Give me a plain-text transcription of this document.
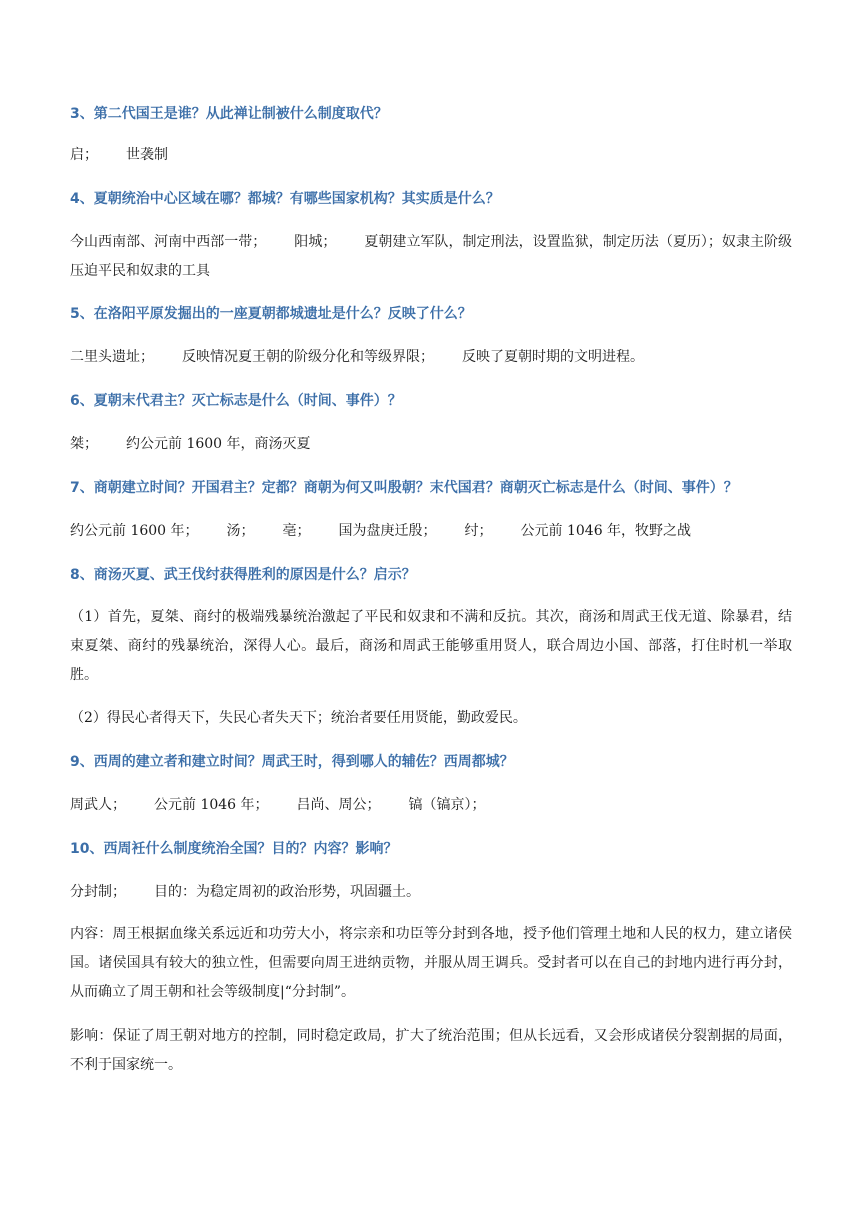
3、第二代国王是谁？从此禅让制被什么制度取代？

启； 世袭制

4、夏朝统治中心区域在哪？都城？有哪些国家机构？其实质是什么？

今山西南部、河南中西部一带； 阳城； 夏朝建立军队，制定刑法，设置监狱，制定历法（夏历）；奴隶主阶级压迫平民和奴隶的工具

5、在洛阳平原发掘出的一座夏朝都城遗址是什么？反映了什么？

二里头遗址； 反映情况夏王朝的阶级分化和等级界限； 反映了夏朝时期的文明进程。

6、夏朝末代君主？灭亡标志是什么（时间、事件）？

桀； 约公元前 1600 年，商汤灭夏

7、商朝建立时间？开国君主？定都？商朝为何又叫殷朝？末代国君？商朝灭亡标志是什么（时间、事件）？

约公元前 1600 年； 汤； 亳； 国为盘庚迁殷； 纣； 公元前 1046 年，牧野之战

8、商汤灭夏、武王伐纣获得胜利的原因是什么？启示？

（1）首先，夏桀、商纣的极端残暴统治激起了平民和奴隶和不满和反抗。其次，商汤和周武王伐无道、除暴君，结束夏桀、商纣的残暴统治，深得人心。最后，商汤和周武王能够重用贤人，联合周边小国、部落，打住时机一举取胜。

（2）得民心者得天下，失民心者失天下；统治者要任用贤能，勤政爱民。

9、西周的建立者和建立时间？周武王时，得到哪人的辅佐？西周都城？

周武人； 公元前 1046 年； 吕尚、周公； 镐（镐京）；

10、西周衽什么制度统治全国？目的？内容？影响？

分封制； 目的：为稳定周初的政治形势，巩固疆土。

内容：周王根据血缘关系远近和功劳大小，将宗亲和功臣等分封到各地，授予他们管理土地和人民的权力，建立诸侯国。诸侯国具有较大的独立性，但需要向周王进纳贡物，并服从周王调兵。受封者可以在自己的封地内进行再分封，从而确立了周王朝和社会等级制度|“分封制”。

影响：保证了周王朝对地方的控制，同时稳定政局，扩大了统治范围；但从长远看，又会形成诸侯分裂割据的局面，不利于国家统一。
